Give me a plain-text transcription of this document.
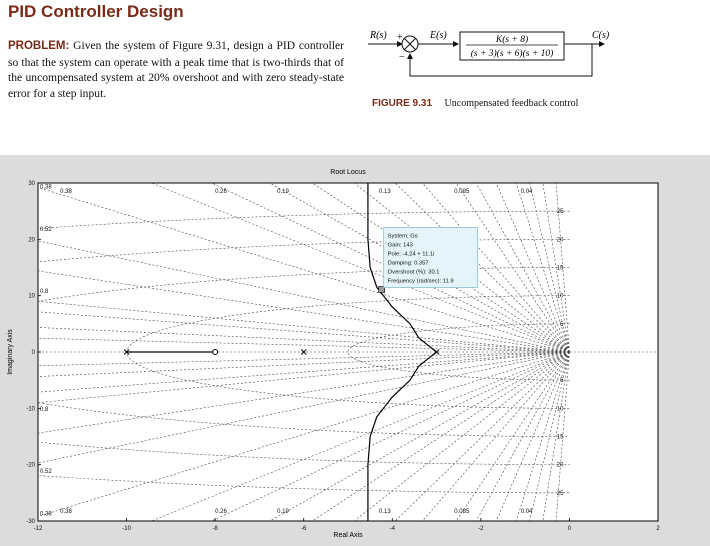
PID Controller Design
PROBLEM: Given the system of Figure 9.31, design a PID controller so that the system can operate with a peak time that is two-thirds that of the uncompensated system at 20% overshoot and with zero steady-state error for a step input.
R(s) +
−
E(s)	K(s + 8)
(s + 3)(s + 6)(s + 10)
C(s)
FIGURE 9.31 Uncompensated feedback control
0.38
0.38
0.26
0.26
0.19
0.19
0.13
0.13
0.085
0.085
0.04
0.04
0.38
0.38
0.52
0.52
0.8
0.8
5
5
10
10
15
15
20
20
25
25
-12	-10	-8	-6	-4	-2	0	2
-30
-20
-10
0
10
20
30
System: Gs
Gain: 143
Pole: -4.24 + 11.1i
Damping: 0.357
Overshoot (%): 30.1
Frequency (rad/sec): 11.9
Root Locus
Real Axis
Imaginary Axis
